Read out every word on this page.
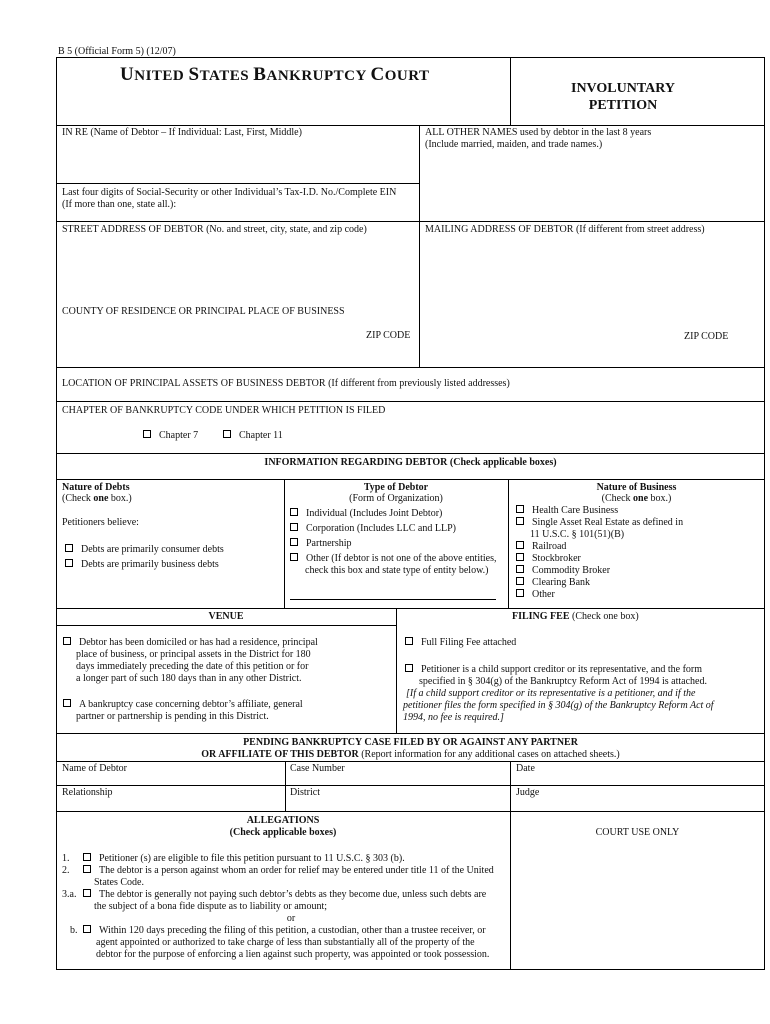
B 5 (Official Form 5) (12/07)
UNITED STATES BANKRUPTCY COURT
INVOLUNTARY
PETITION
IN RE (Name of Debtor – If Individual: Last, First, Middle)	ALL OTHER NAMES used by debtor in the last 8 years
(Include married, maiden, and trade names.)
Last four digits of Social-Security or other Individual’s Tax-I.D. No./Complete EIN
(If more than one, state all.):
STREET ADDRESS OF DEBTOR (No. and street, city, state, and zip code)	MAILING ADDRESS OF DEBTOR (If different from street address)
COUNTY OF RESIDENCE OR PRINCIPAL PLACE OF BUSINESS
ZIP CODE	ZIP CODE
LOCATION OF PRINCIPAL ASSETS OF BUSINESS DEBTOR (If different from previously listed addresses)
CHAPTER OF BANKRUPTCY CODE UNDER WHICH PETITION IS FILED
Chapter 7	Chapter 11
INFORMATION REGARDING DEBTOR (Check applicable boxes)
Nature of Debts
(Check one box.)
Petitioners believe:
Debts are primarily consumer debts
Debts are primarily business debts
Type of Debtor
(Form of Organization)
Individual (Includes Joint Debtor)
Corporation (Includes LLC and LLP)
Partnership
Other (If debtor is not one of the above entities,
check this box and state type of entity below.)
Nature of Business
(Check one box.)
Health Care Business
Single Asset Real Estate as defined in
11 U.S.C. § 101(51)(B)
Railroad
Stockbroker
Commodity Broker
Clearing Bank
Other
VENUE	FILING FEE (Check one box)
Debtor has been domiciled or has had a residence, principal
place of business, or principal assets in the District for 180
days immediately preceding the date of this petition or for
a longer part of such 180 days than in any other District.
A bankruptcy case concerning debtor’s affiliate, general
partner or partnership is pending in this District.
Full Filing Fee attached
Petitioner is a child support creditor or its representative, and the form
specified in § 304(g) of the Bankruptcy Reform Act of 1994 is attached.
[If a child support creditor or its representative is a petitioner, and if the
petitioner files the form specified in § 304(g) of the Bankruptcy Reform Act of
1994, no fee is required.]
PENDING BANKRUPTCY CASE FILED BY OR AGAINST ANY PARTNER
OR AFFILIATE OF THIS DEBTOR (Report information for any additional cases on attached sheets.)
Name of Debtor	Case Number	Date
Relationship	District	Judge
ALLEGATIONS
(Check applicable boxes)	COURT USE ONLY
1.	Petitioner (s) are eligible to file this petition pursuant to 11 U.S.C. § 303 (b).
2.	The debtor is a person against whom an order for relief may be entered under title 11 of the United
States Code.
3.a.	The debtor is generally not paying such debtor’s debts as they become due, unless such debts are
the subject of a bona fide dispute as to liability or amount;
or
b.	Within 120 days preceding the filing of this petition, a custodian, other than a trustee receiver, or
agent appointed or authorized to take charge of less than substantially all of the property of the
debtor for the purpose of enforcing a lien against such property, was appointed or took possession.
